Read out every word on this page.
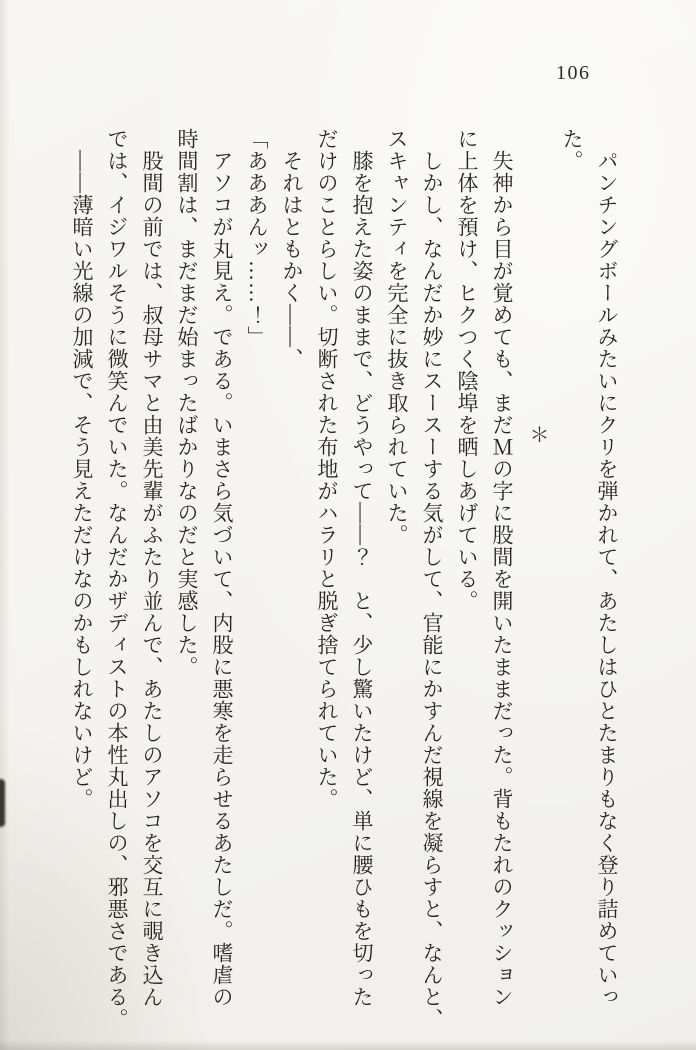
106
　パンチングボールみたいにクリを弾かれて、あたしはひとたまりもなく登り詰めていっ
た。
＊
　失神から目が覚めても、まだＭの字に股間を開いたままだった。背もたれのクッション
に上体を預け、ヒクつく陰埠を晒しあげている。
　しかし、なんだか妙にスースーする気がして、官能にかすんだ視線を凝らすと、なんと、
スキャンティを完全に抜き取られていた。
　膝を抱えた姿のままで、どうやって――？　と、少し驚いたけど、単に腰ひもを切った
だけのことらしい。切断された布地がハラリと脱ぎ捨てられていた。
　それはともかく――、
「あああんッ……！」
　アソコが丸見え。である。いまさら気づいて、内股に悪寒を走らせるあたしだ。嗜虐の
時間割は、まだまだ始まったばかりなのだと実感した。
　股間の前では、叔母サマと由美先輩がふたり並んで、あたしのアソコを交互に覗き込ん
では、イジワルそうに微笑んでいた。なんだかザディストの本性丸出しの、邪悪さである。
　――薄暗い光線の加減で、そう見えただけなのかもしれないけど。
